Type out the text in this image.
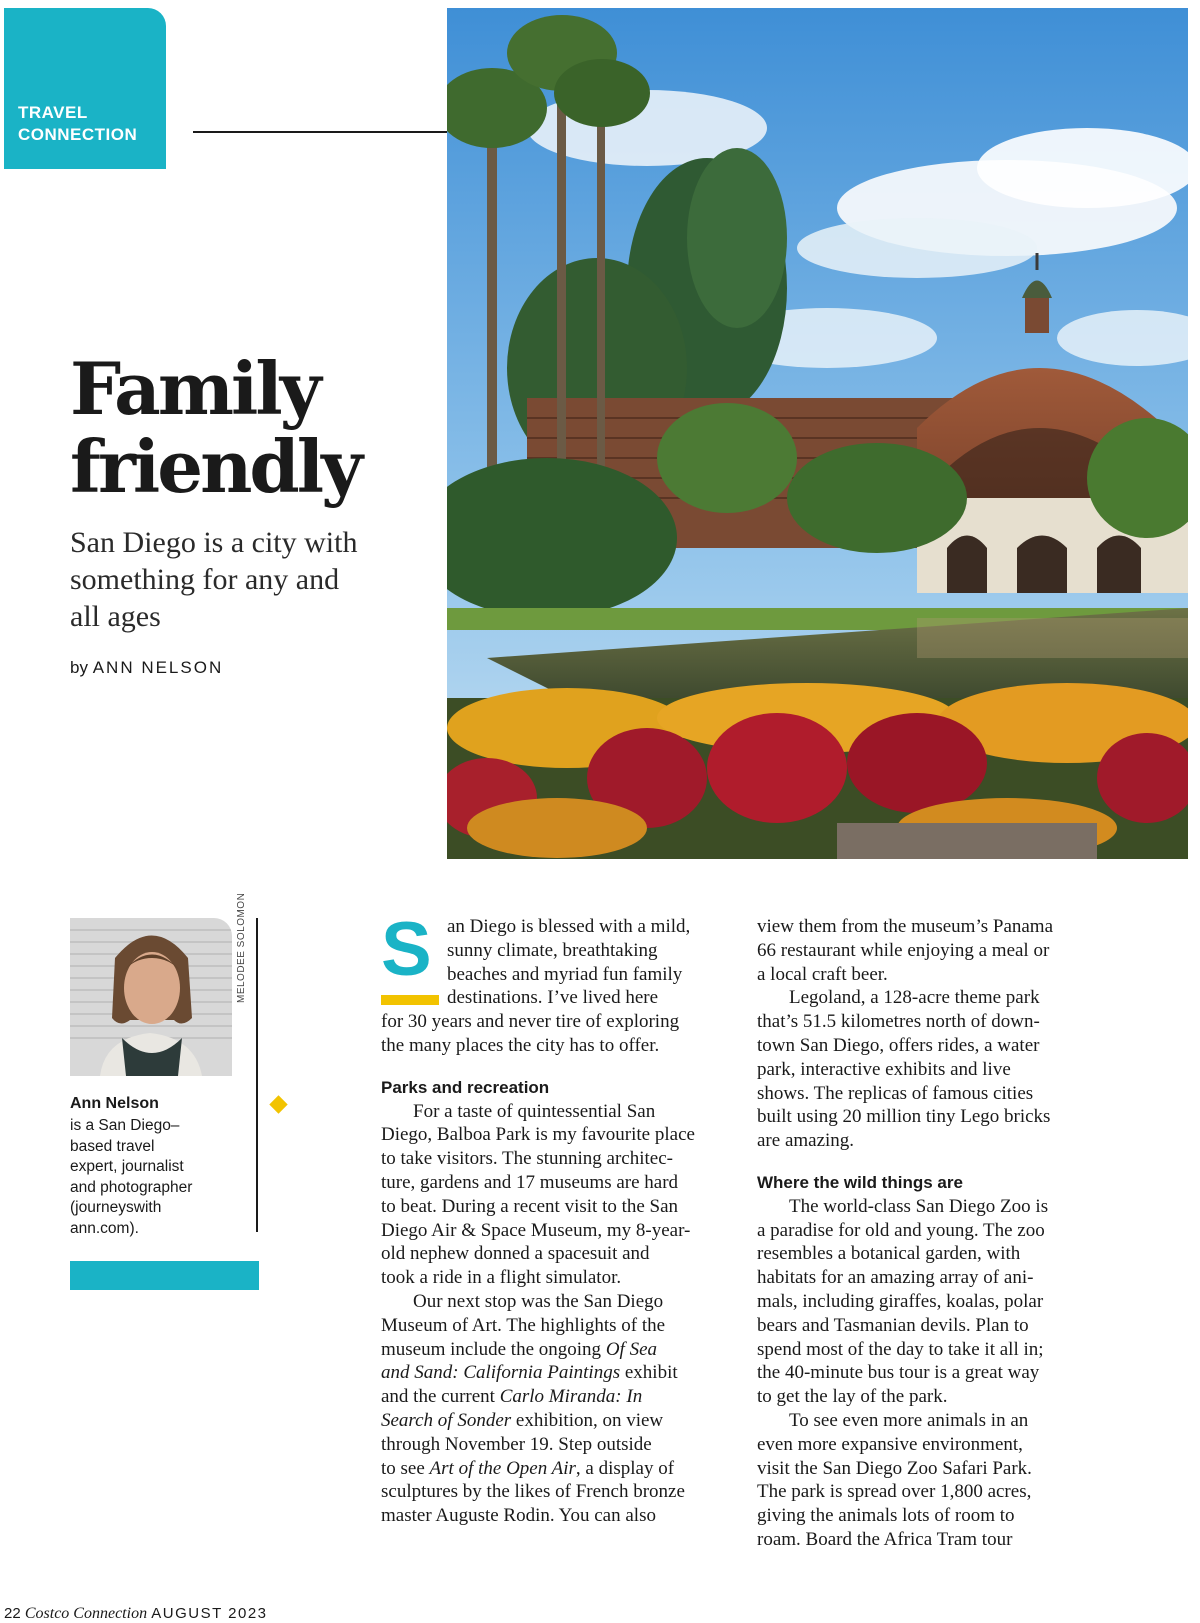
TRAVEL
CONNECTION
Family
friendly
San Diego is a city with something for any and all ages
by ANN NELSON
MELODEE SOLOMON
Ann Nelson
is a San Diego–
based travel
expert, journalist
and photographer
(journeyswith
ann.com).
S an Diego is blessed with a mild,
sunny climate, breathtaking
beaches and myriad fun family
destinations. I’ve lived here
for 30 years and never tire of exploring
the many places the city has to offer.
Parks and recreation
For a taste of quintessential San
Diego, Balboa Park is my favourite place
to take visitors. The stunning architec-
ture, gardens and 17 museums are hard
to beat. During a recent visit to the San
Diego Air & Space Museum, my 8-year-
old nephew donned a spacesuit and
took a ride in a flight simulator.
Our next stop was the San Diego
Museum of Art. The highlights of the
museum include the ongoing Of Sea
and Sand: California Paintings exhibit
and the current Carlo Miranda: In
Search of Sonder exhibition, on view
through November 19. Step outside
to see Art of the Open Air, a display of
sculptures by the likes of French bronze
master Auguste Rodin. You can also
view them from the museum’s Panama
66 restaurant while enjoying a meal or
a local craft beer.
Legoland, a 128-acre theme park
that’s 51.5 kilometres north of down-
town San Diego, offers rides, a water
park, interactive exhibits and live
shows. The replicas of famous cities
built using 20 million tiny Lego bricks
are amazing.
Where the wild things are
The world-class San Diego Zoo is
a paradise for old and young. The zoo
resembles a botanical garden, with
habitats for an amazing array of ani-
mals, including giraffes, koalas, polar
bears and Tasmanian devils. Plan to
spend most of the day to take it all in;
the 40-minute bus tour is a great way
to get the lay of the park.
To see even more animals in an
even more expansive environment,
visit the San Diego Zoo Safari Park.
The park is spread over 1,800 acres,
giving the animals lots of room to
roam. Board the Africa Tram tour
22 Costco Connection AUGUST 2023
